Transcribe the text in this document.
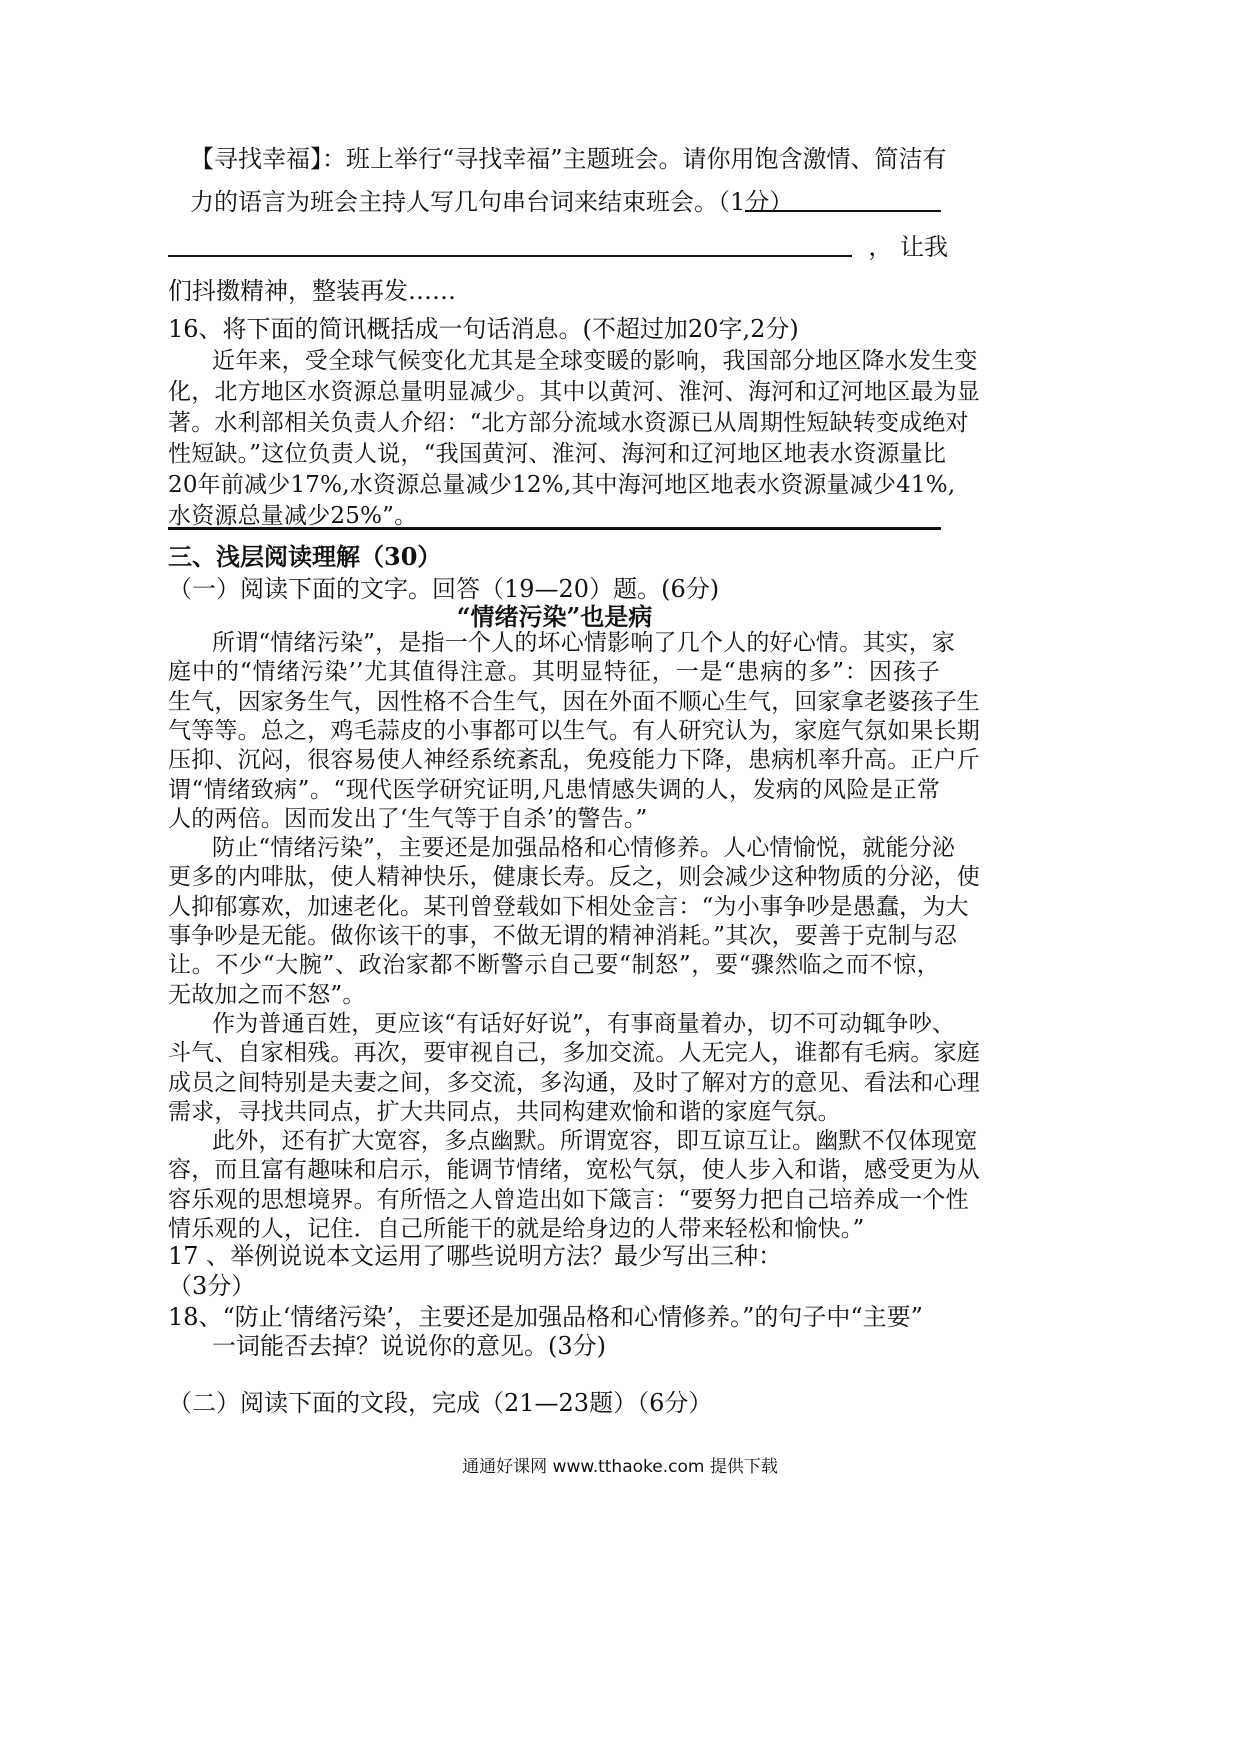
【寻找幸福】：班上举行“寻找幸福”主题班会。请你用饱含激情、简洁有
力的语言为班会主持人写几句串台词来结束班会。（1分）
， 让我
们抖擞精神，整装再发……
16、将下面的简讯概括成一句话消息。(不超过加20字,2分)
近年来，受全球气候变化尤其是全球变暖的影响，我国部分地区降水发生变
化，北方地区水资源总量明显减少。其中以黄河、淮河、海河和辽河地区最为显
著。水利部相关负责人介绍：“北方部分流域水资源已从周期性短缺转变成绝对
性短缺。”这位负责人说，“我国黄河、淮河、海河和辽河地区地表水资源量比
20年前减少17%,水资源总量减少12%,其中海河地区地表水资源量减少41%,
水资源总量减少25%”。
三、浅层阅读理解（30）
（一）阅读下面的文字。回答（19—20）题。(6分)
“情绪污染”也是病
所谓“情绪污染”，是指一个人的坏心情影响了几个人的好心情。其实，家
庭中的“情绪污染’’尤其值得注意。其明显特征，一是“患病的多”：因孩子
生气，因家务生气，因性格不合生气，因在外面不顺心生气，回家拿老婆孩子生
气等等。总之，鸡毛蒜皮的小事都可以生气。有人研究认为，家庭气氛如果长期
压抑、沉闷，很容易使人神经系统紊乱，免疫能力下降，患病机率升高。正户斤
谓“情绪致病”。“现代医学研究证明,凡患情感失调的人，发病的风险是正常
人的两倍。因而发出了‘生气等于自杀’的警告。”
防止“情绪污染”，主要还是加强品格和心情修养。人心情愉悦，就能分泌
更多的内啡肽，使人精神快乐，健康长寿。反之，则会减少这种物质的分泌，使
人抑郁寡欢，加速老化。某刊曾登载如下相处金言：“为小事争吵是愚蠢，为大
事争吵是无能。做你该干的事，不做无谓的精神消耗。”其次，要善于克制与忍
让。不少“大腕”、政治家都不断警示自己要“制怒”，要“骤然临之而不惊，
无故加之而不怒”。
作为普通百姓，更应该“有话好好说”，有事商量着办，切不可动辄争吵、
斗气、自家相残。再次，要审视自己，多加交流。人无完人，谁都有毛病。家庭
成员之间特别是夫妻之间，多交流，多沟通，及时了解对方的意见、看法和心理
需求，寻找共同点，扩大共同点，共同构建欢愉和谐的家庭气氛。
此外，还有扩大宽容，多点幽默。所谓宽容，即互谅互让。幽默不仅体现宽
容，而且富有趣味和启示，能调节情绪，宽松气氛，使人步入和谐，感受更为从
容乐观的思想境界。有所悟之人曾造出如下箴言：“要努力把自己培养成一个性
情乐观的人，记住．自己所能干的就是给身边的人带来轻松和愉快。”
17 、举例说说本文运用了哪些说明方法？最少写出三种：
（3分）
18、“防止‘情绪污染’，主要还是加强品格和心情修养。”的句子中“主要”
一词能否去掉？说说你的意见。(3分)
（二）阅读下面的文段，完成（21—23题）（6分）
通通好课网 www.tthaoke.com 提供下载
